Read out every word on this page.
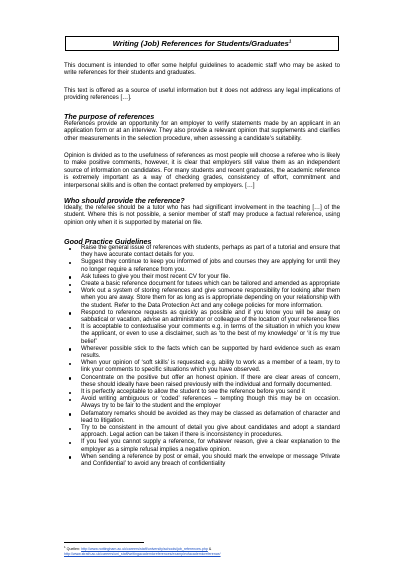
Writing (Job) References for Students/Graduates$^1$

This document is intended to offer some helpful guidelines to academic staff who may be asked to write references for their students and graduates.

This text is offered as a source of useful information but it does not address any legal implications of providing references […].

The purpose of references

References provide an opportunity for an employer to verify statements made by an applicant in an application form or at an interview. They also provide a relevant opinion that supplements and clarifies other measurements in the selection procedure, when assessing a candidate’s suitability.

Opinion is divided as to the usefulness of references as most people will choose a referee who is likely to make positive comments, however, it is clear that employers still value them as an independent source of information on candidates. For many students and recent graduates, the academic reference is extremely important as a way of checking grades, consistency of effort, commitment and interpersonal skills and is often the contact preferred by employers. […]

Who should provide the reference?

Ideally, the referee should be a tutor who has had significant involvement in the teaching […] of the student. Where this is not possible, a senior member of staff may produce a factual reference, using opinion only when it is supported by material on file.

Good Practice Guidelines
Raise the general issue of references with students, perhaps as part of a tutorial and ensure that they have accurate contact details for you.
Suggest they continue to keep you informed of jobs and courses they are applying for until they no longer require a reference from you.
Ask tutees to give you their most recent CV for your file.
Create a basic reference document for tutees which can be tailored and amended as appropriate
Work out a system of storing references and give someone responsibility for looking after them when you are away. Store them for as long as is appropriate depending on your relationship with the student. Refer to the Data Protection Act and any college policies for more information.
Respond to reference requests as quickly as possible and if you know you will be away on sabbatical or vacation, advise an administrator or colleague of the location of your reference files
It is acceptable to contextualise your comments e.g. in terms of the situation in which you knew the applicant, or even to use a disclaimer, such as ‘to the best of my knowledge’ or ‘it is my true belief’
Wherever possible stick to the facts which can be supported by hard evidence such as exam results.
When your opinion of ‘soft skills’ is requested e.g. ability to work as a member of a team, try to link your comments to specific situations which you have observed.
Concentrate on the positive but offer an honest opinion. If there are clear areas of concern, these should ideally have been raised previously with the individual and formally documented.
It is perfectly acceptable to allow the student to see the reference before you send it
Avoid writing ambiguous or ‘coded’ references – tempting though this may be on occasion. Always try to be fair to the student and the employer
Defamatory remarks should be avoided as they may be classed as defamation of character and lead to litigation.
Try to be consistent in the amount of detail you give about candidates and adopt a standard approach. Legal action can be taken if there is inconsistency in procedures.
If you feel you cannot supply a reference, for whatever reason, give a clear explanation to the employer as a simple refusal implies a negative opinion.
When sending a reference by post or email, you should mark the envelope or message ‘Private and Confidential’ to avoid any breach of confidentiality
$^1$ Quellen: http://www.nottingham.ac.uk/careers/staff/university/schools/job_references.php &
http://www.strath.ac.uk/careers/uni_staff/writingacademicreferences/exampleofacademicreference/
